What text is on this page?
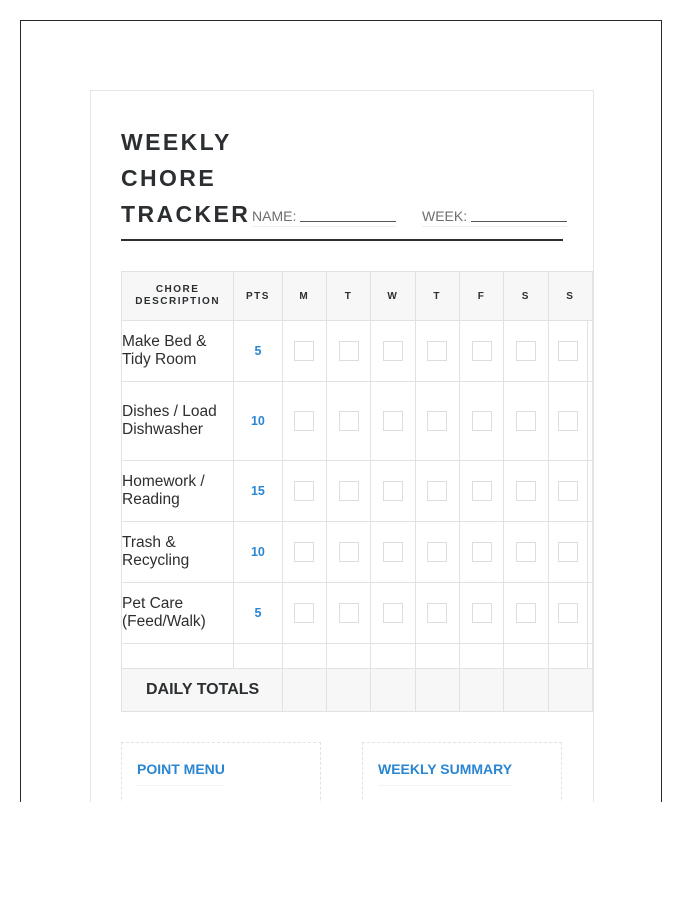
WEEKLY
CHORE
TRACKER NAME:	WEEK:
CHORE
DESCRIPTION	PTS	M	T	W	T	F	S	S	
Make Bed & Tidy Room	5								
Dishes / Load Dishwasher	10								
Homework / Reading	15								
Trash & Recycling	10								
Pet Care (Feed/Walk)	5								

DAILY TOTALS									
POINT MENU	WEEKLY SUMMARY
